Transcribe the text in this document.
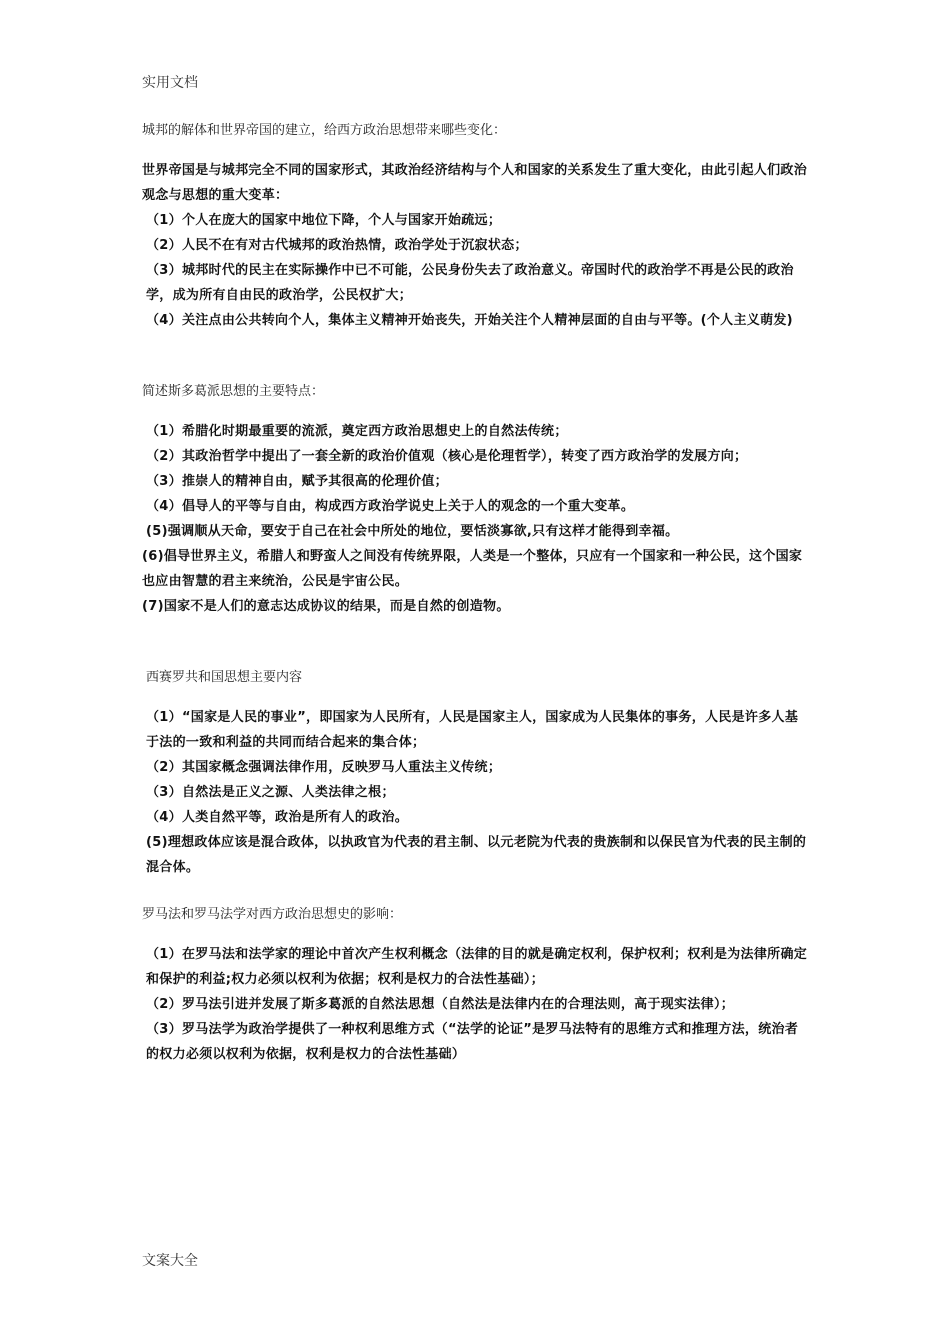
实用文档

城邦的解体和世界帝国的建立，给西方政治思想带来哪些变化：

世界帝国是与城邦完全不同的国家形式，其政治经济结构与个人和国家的关系发生了重大变化，由此引起人们政治观念与思想的重大变革：

（1）个人在庞大的国家中地位下降，个人与国家开始疏远；

（2）人民不在有对古代城邦的政治热情，政治学处于沉寂状态；

（3）城邦时代的民主在实际操作中已不可能，公民身份失去了政治意义。帝国时代的政治学不再是公民的政治学，成为所有自由民的政治学，公民权扩大；

（4）关注点由公共转向个人，集体主义精神开始丧失，开始关注个人精神层面的自由与平等。(个人主义萌发)

简述斯多葛派思想的主要特点：

（1）希腊化时期最重要的流派，奠定西方政治思想史上的自然法传统；

（2）其政治哲学中提出了一套全新的政治价值观（核心是伦理哲学），转变了西方政治学的发展方向；

（3）推崇人的精神自由，赋予其很高的伦理价值；

（4）倡导人的平等与自由，构成西方政治学说史上关于人的观念的一个重大变革。

(5)强调顺从天命，要安于自己在社会中所处的地位，要恬淡寡欲,只有这样才能得到幸福。

(6)倡导世界主义，希腊人和野蛮人之间没有传统界限，人类是一个整体，只应有一个国家和一种公民，这个国家也应由智慧的君主来统治，公民是宇宙公民。

(7)国家不是人们的意志达成协议的结果，而是自然的创造物。

西赛罗共和国思想主要内容

（1）“国家是人民的事业”，即国家为人民所有，人民是国家主人，国家成为人民集体的事务，人民是许多人基于法的一致和利益的共同而结合起来的集合体；

（2）其国家概念强调法律作用，反映罗马人重法主义传统；

（3）自然法是正义之源、人类法律之根；

（4）人类自然平等，政治是所有人的政治。

(5)理想政体应该是混合政体，以执政官为代表的君主制、以元老院为代表的贵族制和以保民官为代表的民主制的混合体。

罗马法和罗马法学对西方政治思想史的影响：

（1）在罗马法和法学家的理论中首次产生权利概念（法律的目的就是确定权利，保护权利；权利是为法律所确定和保护的利益;权力必须以权利为依据；权利是权力的合法性基础）；

（2）罗马法引进并发展了斯多葛派的自然法思想（自然法是法律内在的合理法则，高于现实法律）；

（3）罗马法学为政治学提供了一种权利思维方式（“法学的论证”是罗马法特有的思维方式和推理方法，统治者的权力必须以权利为依据，权利是权力的合法性基础）

文案大全
